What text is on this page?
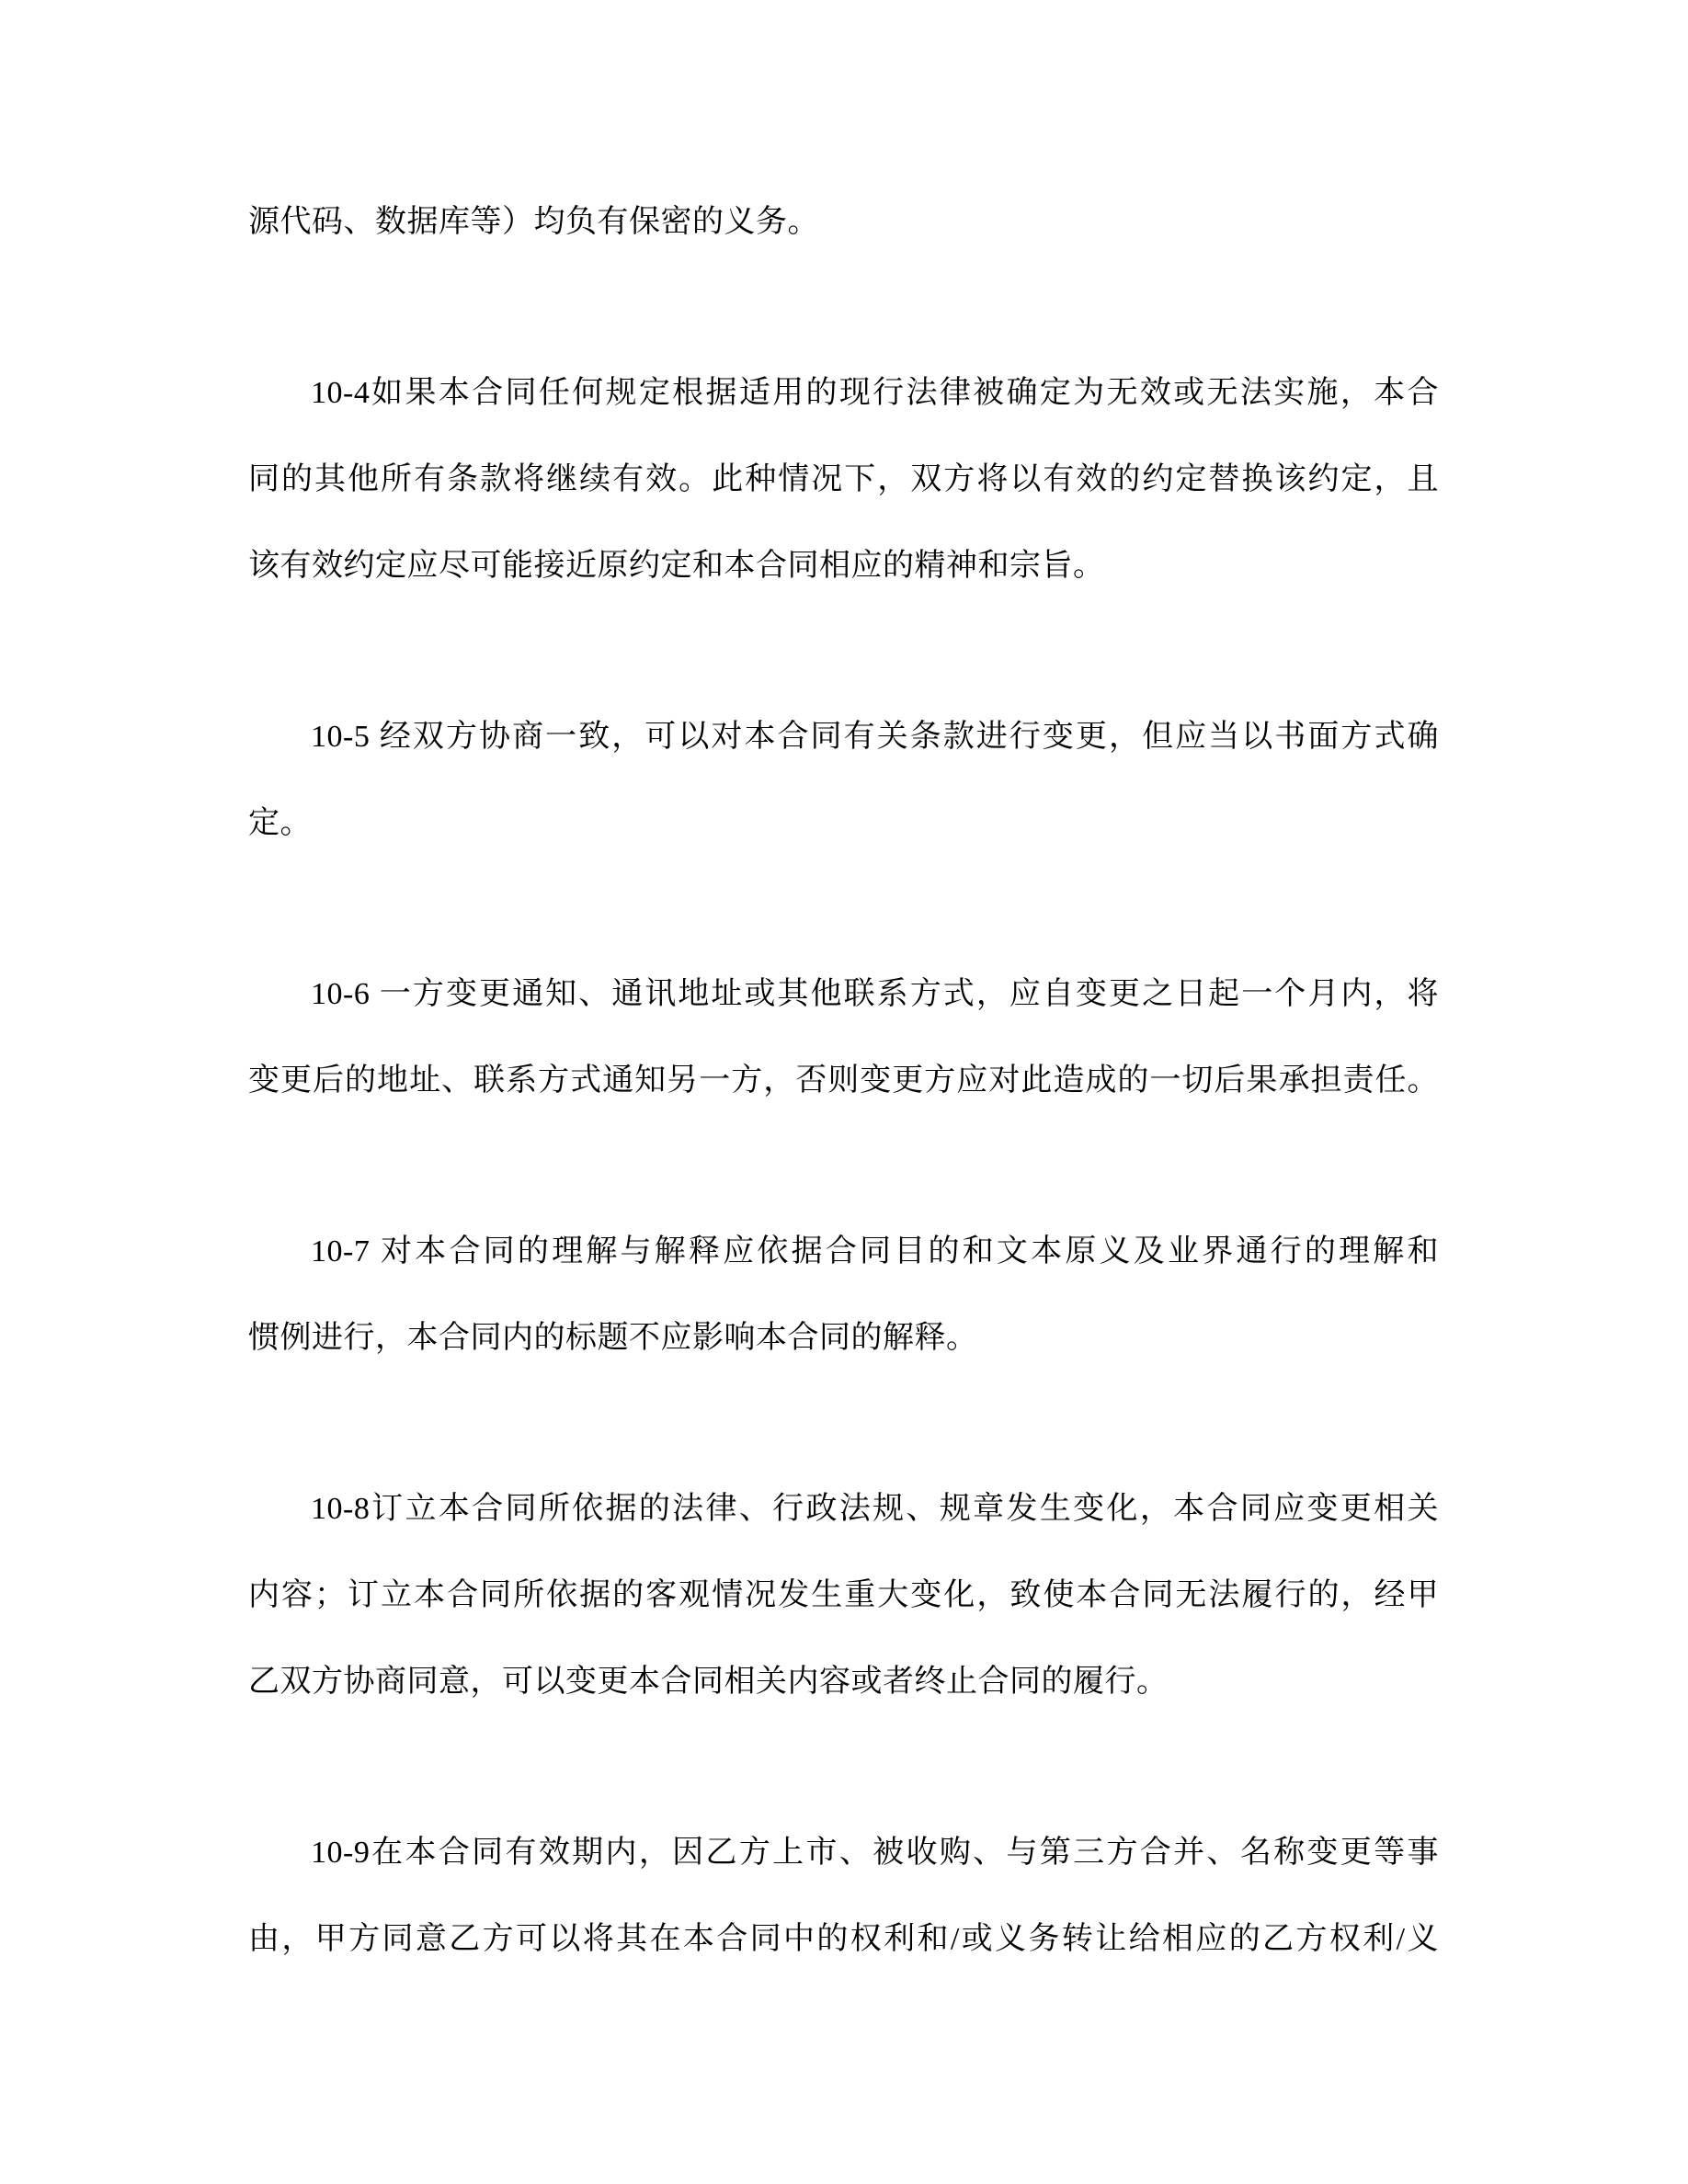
源代码、数据库等）均负有保密的义务。
10-4如果本合同任何规定根据适用的现行法律被确定为无效或无法实施，本合
同的其他所有条款将继续有效。此种情况下，双方将以有效的约定替换该约定，且
该有效约定应尽可能接近原约定和本合同相应的精神和宗旨。
10-5 经双方协商一致，可以对本合同有关条款进行变更，但应当以书面方式确
定。
10-6 一方变更通知、通讯地址或其他联系方式，应自变更之日起一个月内，将
变更后的地址、联系方式通知另一方，否则变更方应对此造成的一切后果承担责任。
10-7 对本合同的理解与解释应依据合同目的和文本原义及业界通行的理解和
惯例进行，本合同内的标题不应影响本合同的解释。
10-8订立本合同所依据的法律、行政法规、规章发生变化，本合同应变更相关
内容；订立本合同所依据的客观情况发生重大变化，致使本合同无法履行的，经甲
乙双方协商同意，可以变更本合同相关内容或者终止合同的履行。
10-9在本合同有效期内，因乙方上市、被收购、与第三方合并、名称变更等事
由，甲方同意乙方可以将其在本合同中的权利和/或义务转让给相应的乙方权利/义
